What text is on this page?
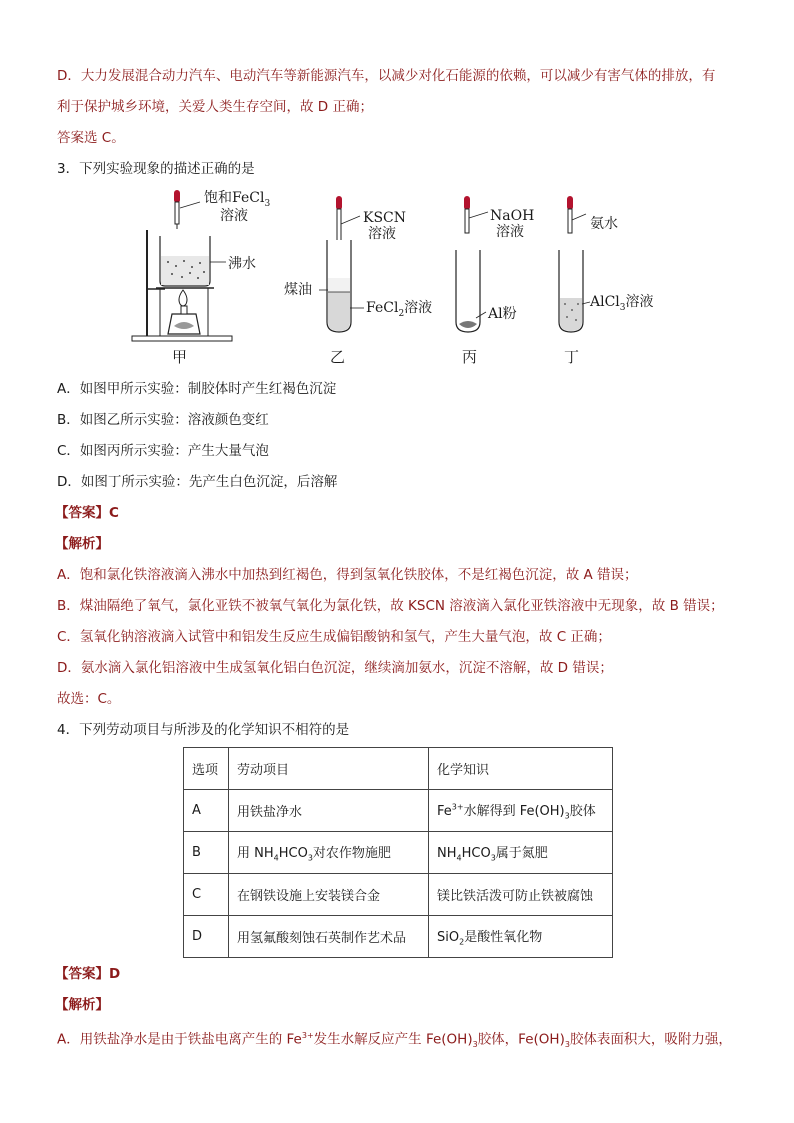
D．大力发展混合动力汽车、电动汽车等新能源汽车，以减少对化石能源的依赖，可以减少有害气体的排放，有
利于保护城乡环境，关爱人类生存空间，故 D 正确；
答案选 C。
3．下列实验现象的描述正确的是
饱和FeCl$_3$
溶液
沸水
甲
KSCN
溶液
煤油
FeCl$_2$溶液
乙
NaOH
溶液
Al粉
丙
氨水
AlCl$_3$溶液
丁
A．如图甲所示实验：制胶体时产生红褐色沉淀
B．如图乙所示实验：溶液颜色变红
C．如图丙所示实验：产生大量气泡
D．如图丁所示实验：先产生白色沉淀，后溶解
【答案】C
【解析】
A．饱和氯化铁溶液滴入沸水中加热到红褐色，得到氢氧化铁胶体，不是红褐色沉淀，故 A 错误；
B．煤油隔绝了氧气，氯化亚铁不被氧气氧化为氯化铁，故 KSCN 溶液滴入氯化亚铁溶液中无现象，故 B 错误；
C．氢氧化钠溶液滴入试管中和铝发生反应生成偏铝酸钠和氢气，产生大量气泡，故 C 正确；
D．氨水滴入氯化铝溶液中生成氢氧化铝白色沉淀，继续滴加氨水，沉淀不溶解，故 D 错误；
故选：C。
4．下列劳动项目与所涉及的化学知识不相符的是
选项	劳动项目	化学知识
A	用铁盐净水	$Fe^{3+}$水解得到 $Fe(OH)_3$胶体
B	用 $NH_4HCO_3$对农作物施肥	$NH_4HCO_3$属于氮肥
C	在钢铁设施上安装镁合金	镁比铁活泼可防止铁被腐蚀
D	用氢氟酸刻蚀石英制作艺术品	SiO$_2$是酸性氧化物
【答案】D
【解析】
A．用铁盐净水是由于铁盐电离产生的 $Fe^{3+}$发生水解反应产生 $Fe(OH)_3$胶体，$Fe(OH)_3$胶体表面积大，吸附力强，
